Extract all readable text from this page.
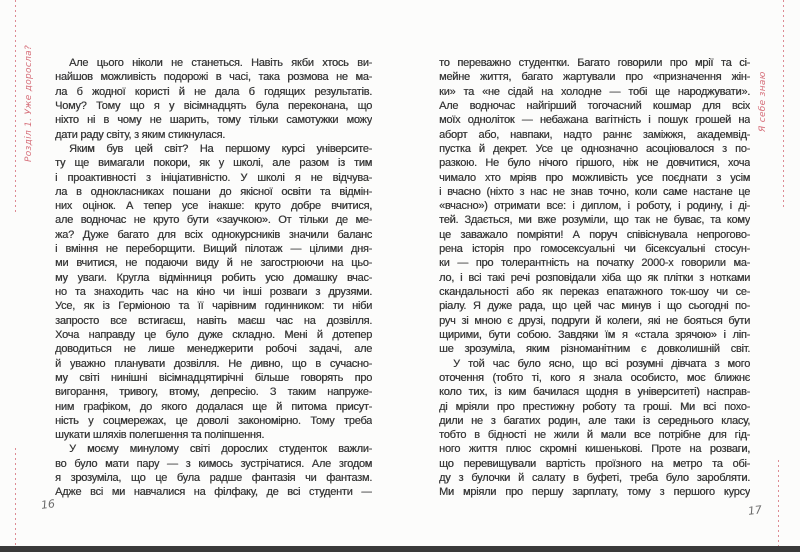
Розділ 1. Уже доросла?	Я себе знаю
Але цього ніколи не станеться. Навіть якби хтось ви-
найшов можливість подорожі в часі, така розмова не ма-
ла б жодної користі й не дала б годящих результатів.
Чому? Тому що я у вісімнадцять була переконана, що
ніхто ні в чому не шарить, тому тільки самотужки можу
дати раду світу, з яким стикнулася.
Яким був цей світ? На першому курсі університе-
ту ще вимагали покори, як у школі, але разом із тим
і проактивності з ініціативністю. У школі я не відчува-
ла в однокласниках пошани до якісної освіти та відмін-
них оцінок. А тепер усе інакше: круто добре вчитися,
але водночас не круто бути «заучкою». От тільки де ме-
жа? Дуже багато для всіх однокурсників значили баланс
і вміння не переборщити. Вищий пілотаж — цілими дня-
ми вчитися, не подаючи виду й не загострюючи на цьо-
му уваги. Кругла відмінниця робить усю домашку вчас-
но та знаходить час на кіно чи інші розваги з друзями.
Усе, як із Герміоною та її чарівним годинником: ти ніби
запросто все встигаєш, навіть маєш час на дозвілля.
Хоча направду це було дуже складно. Мені й дотепер
доводиться не лише менеджерити робочі задачі, але
й уважно планувати дозвілля. Не дивно, що в сучасно-
му світі нинішні вісімнадцятирічні більше говорять про
вигорання, тривогу, втому, депресію. З таким напруже-
ним графіком, до якого додалася ще й питома присут-
ність у соцмережах, це доволі закономірно. Тому треба
шукати шляхів полегшення та поліпшення.
У моєму минулому світі дорослих студенток важли-
во було мати пару — з кимось зустрічатися. Але згодом
я зрозуміла, що це була радше фантазія чи фантазм.
Адже всі ми навчалися на філфаку, де всі студенти —
то переважно студентки. Багато говорили про мрії та сі-
мейне життя, багато жартували про «призначення жін-
ки» та «не сідай на холодне — тобі ще народжувати».
Але водночас найгірший тогочасний кошмар для всіх
моїх одноліток — небажана вагітність і пошук грошей на
аборт або, навпаки, надто раннє заміжжя, академвід-
пустка й декрет. Усе це однозначно асоціювалося з по-
разкою. Не було нічого гіршого, ніж не довчитися, хоча
чимало хто мріяв про можливість усе поєднати з усім
і вчасно (ніхто з нас не знав точно, коли саме настане це
«вчасно») отримати все: і диплом, і роботу, і родину, і ді-
тей. Здається, ми вже розуміли, що так не буває, та кому
це заважало помріяти! А поруч співіснувала непрогово-
рена історія про гомосексуальні чи бісексуальні стосун-
ки — про толерантність на початку 2000-х говорили ма-
ло, і всі такі речі розповідали хіба що як плітки з нотками
скандальності або як переказ епатажного ток-шоу чи се-
ріалу. Я дуже рада, що цей час минув і що сьогодні по-
руч зі мною є друзі, подруги й колеги, які не бояться бути
щирими, бути собою. Завдяки їм я «стала зрячою» і ліп-
ше зрозуміла, яким різноманітним є довколишній світ.
У той час було ясно, що всі розумні дівчата з мого
оточення (тобто ті, кого я знала особисто, моє ближнє
коло тих, із ким бачилася щодня в університеті) насправ-
ді мріяли про престижну роботу та гроші. Ми всі похо-
дили не з багатих родин, але таки із середнього класу,
тобто в бідності не жили й мали все потрібне для гід-
ного життя плюс скромні кишенькові. Проте на розваги,
що перевищували вартість проїзного на метро та обі-
ду з булочки й салату в буфеті, треба було заробляти.
Ми мріяли про першу зарплату, тому з першого курсу
16	17
